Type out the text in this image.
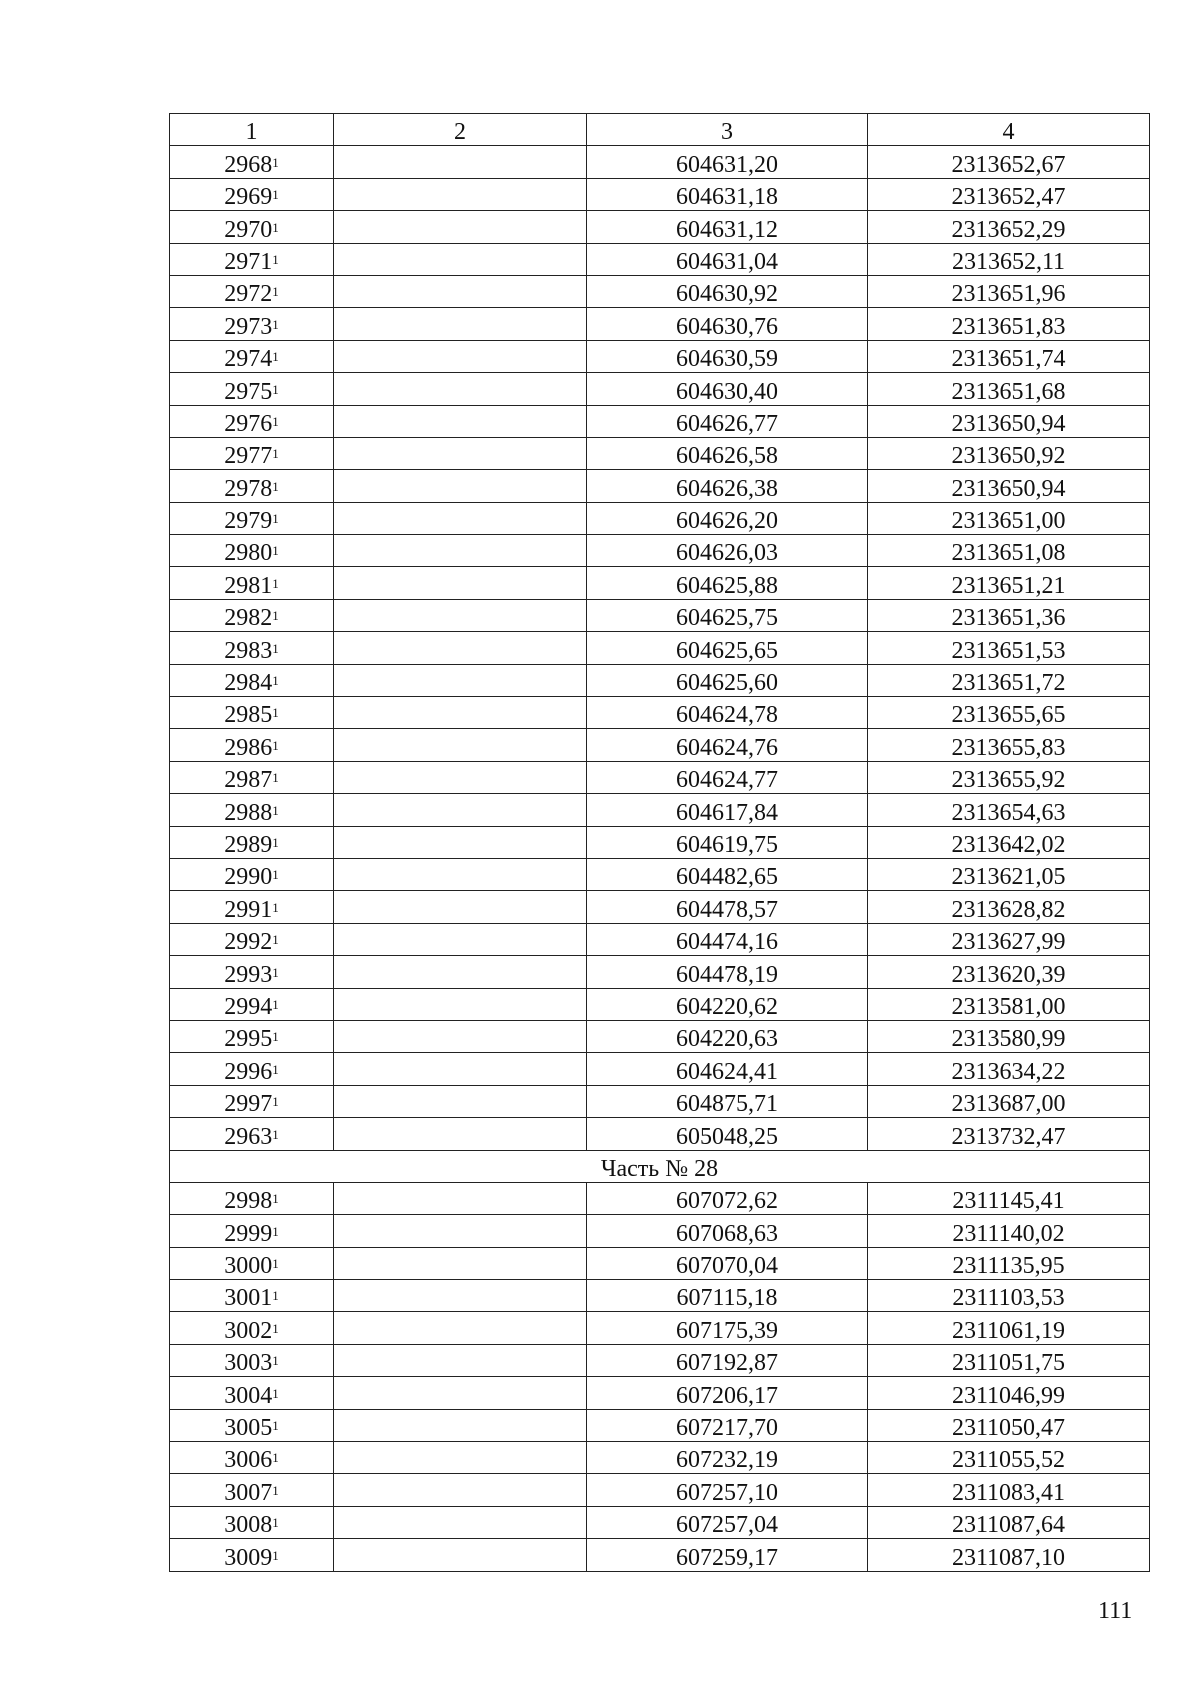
1	2	3	4
2968$^1$		604631,20	2313652,67
2969$^1$		604631,18	2313652,47
2970$^1$		604631,12	2313652,29
2971$^1$		604631,04	2313652,11
2972$^1$		604630,92	2313651,96
2973$^1$		604630,76	2313651,83
2974$^1$		604630,59	2313651,74
2975$^1$		604630,40	2313651,68
2976$^1$		604626,77	2313650,94
2977$^1$		604626,58	2313650,92
2978$^1$		604626,38	2313650,94
2979$^1$		604626,20	2313651,00
2980$^1$		604626,03	2313651,08
2981$^1$		604625,88	2313651,21
2982$^1$		604625,75	2313651,36
2983$^1$		604625,65	2313651,53
2984$^1$		604625,60	2313651,72
2985$^1$		604624,78	2313655,65
2986$^1$		604624,76	2313655,83
2987$^1$		604624,77	2313655,92
2988$^1$		604617,84	2313654,63
2989$^1$		604619,75	2313642,02
2990$^1$		604482,65	2313621,05
2991$^1$		604478,57	2313628,82
2992$^1$		604474,16	2313627,99
2993$^1$		604478,19	2313620,39
2994$^1$		604220,62	2313581,00
2995$^1$		604220,63	2313580,99
2996$^1$		604624,41	2313634,22
2997$^1$		604875,71	2313687,00
2963$^1$		605048,25	2313732,47
Часть № 28			
2998$^1$		607072,62	2311145,41
2999$^1$		607068,63	2311140,02
3000$^1$		607070,04	2311135,95
3001$^1$		607115,18	2311103,53
3002$^1$		607175,39	2311061,19
3003$^1$		607192,87	2311051,75
3004$^1$		607206,17	2311046,99
3005$^1$		607217,70	2311050,47
3006$^1$		607232,19	2311055,52
3007$^1$		607257,10	2311083,41
3008$^1$		607257,04	2311087,64
3009$^1$		607259,17	2311087,10
111
